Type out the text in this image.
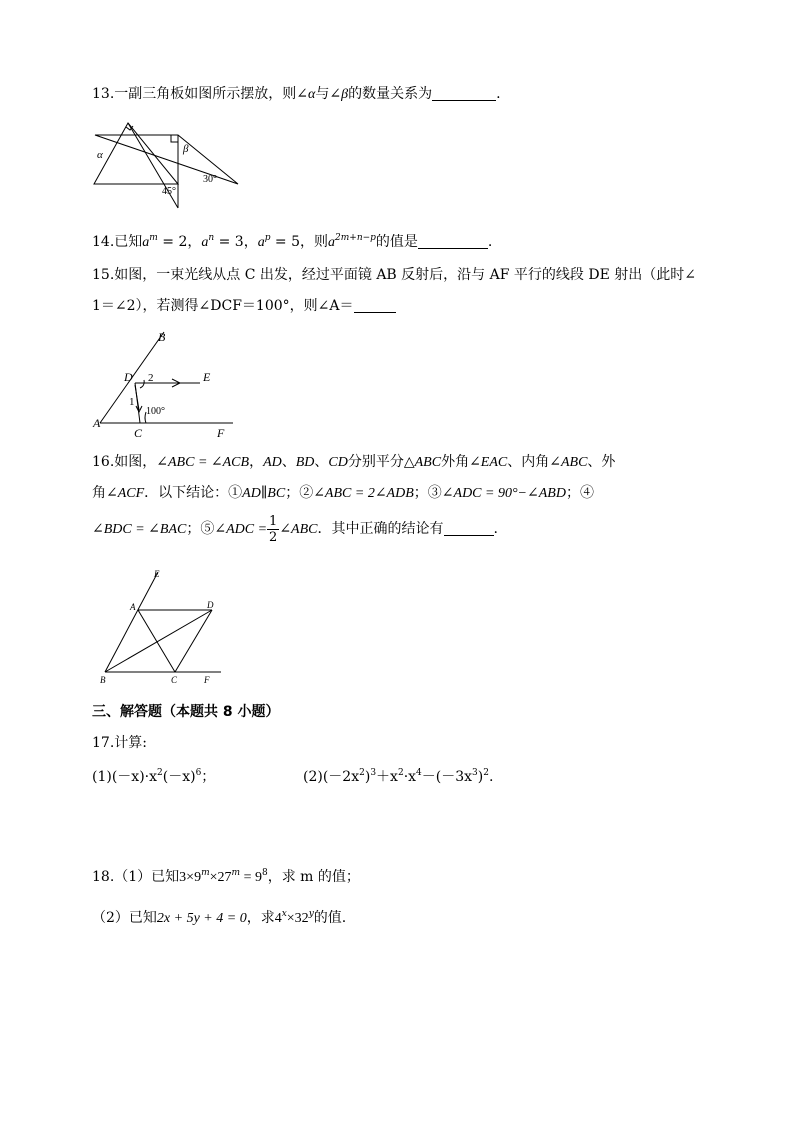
13.一副三角板如图所示摆放，则∠α与∠β的数量关系为	.
α	β
30°
45°
14.已知$a^m = 2$，$a^n = 3$，$a^p = 5$，则$a^{2m+n-p}$的值是	.
15.如图，一束光线从点 C 出发，经过平面镜 AB 反射后，沿与 AF 平行的线段 DE 射出（此时∠
1＝∠2），若测得∠DCF＝100°，则∠A＝
B
D 2	E
1
100°
A
C	F
16.如图，∠ABC = ∠ACB，AD、BD、CD分别平分△ABC外角∠EAC、内角∠ABC、外
角∠ACF．以下结论：①AD∥BC；②∠ABC = 2∠ADB；③∠ADC = 90°−∠ABD；④
∠BDC = ∠BAC；⑤∠ADC = $\frac{1}{2}$ ∠ABC．其中正确的结论有	.
E
A	D
B	C	F
三、解答题（本题共 8 小题）
17.计算:
$(1)(-x)\cdot x^2(-x)^6$；	$(2)(-2x^2)^3+x^2\cdot x^4-(-3x^3)^2$.
18.（1）已知$3\times 9^m\times 27^m = 9^8$，求 m 的值；
（2）已知2x + 5y + 4 = 0，求$4^x\times 32^y$的值.
